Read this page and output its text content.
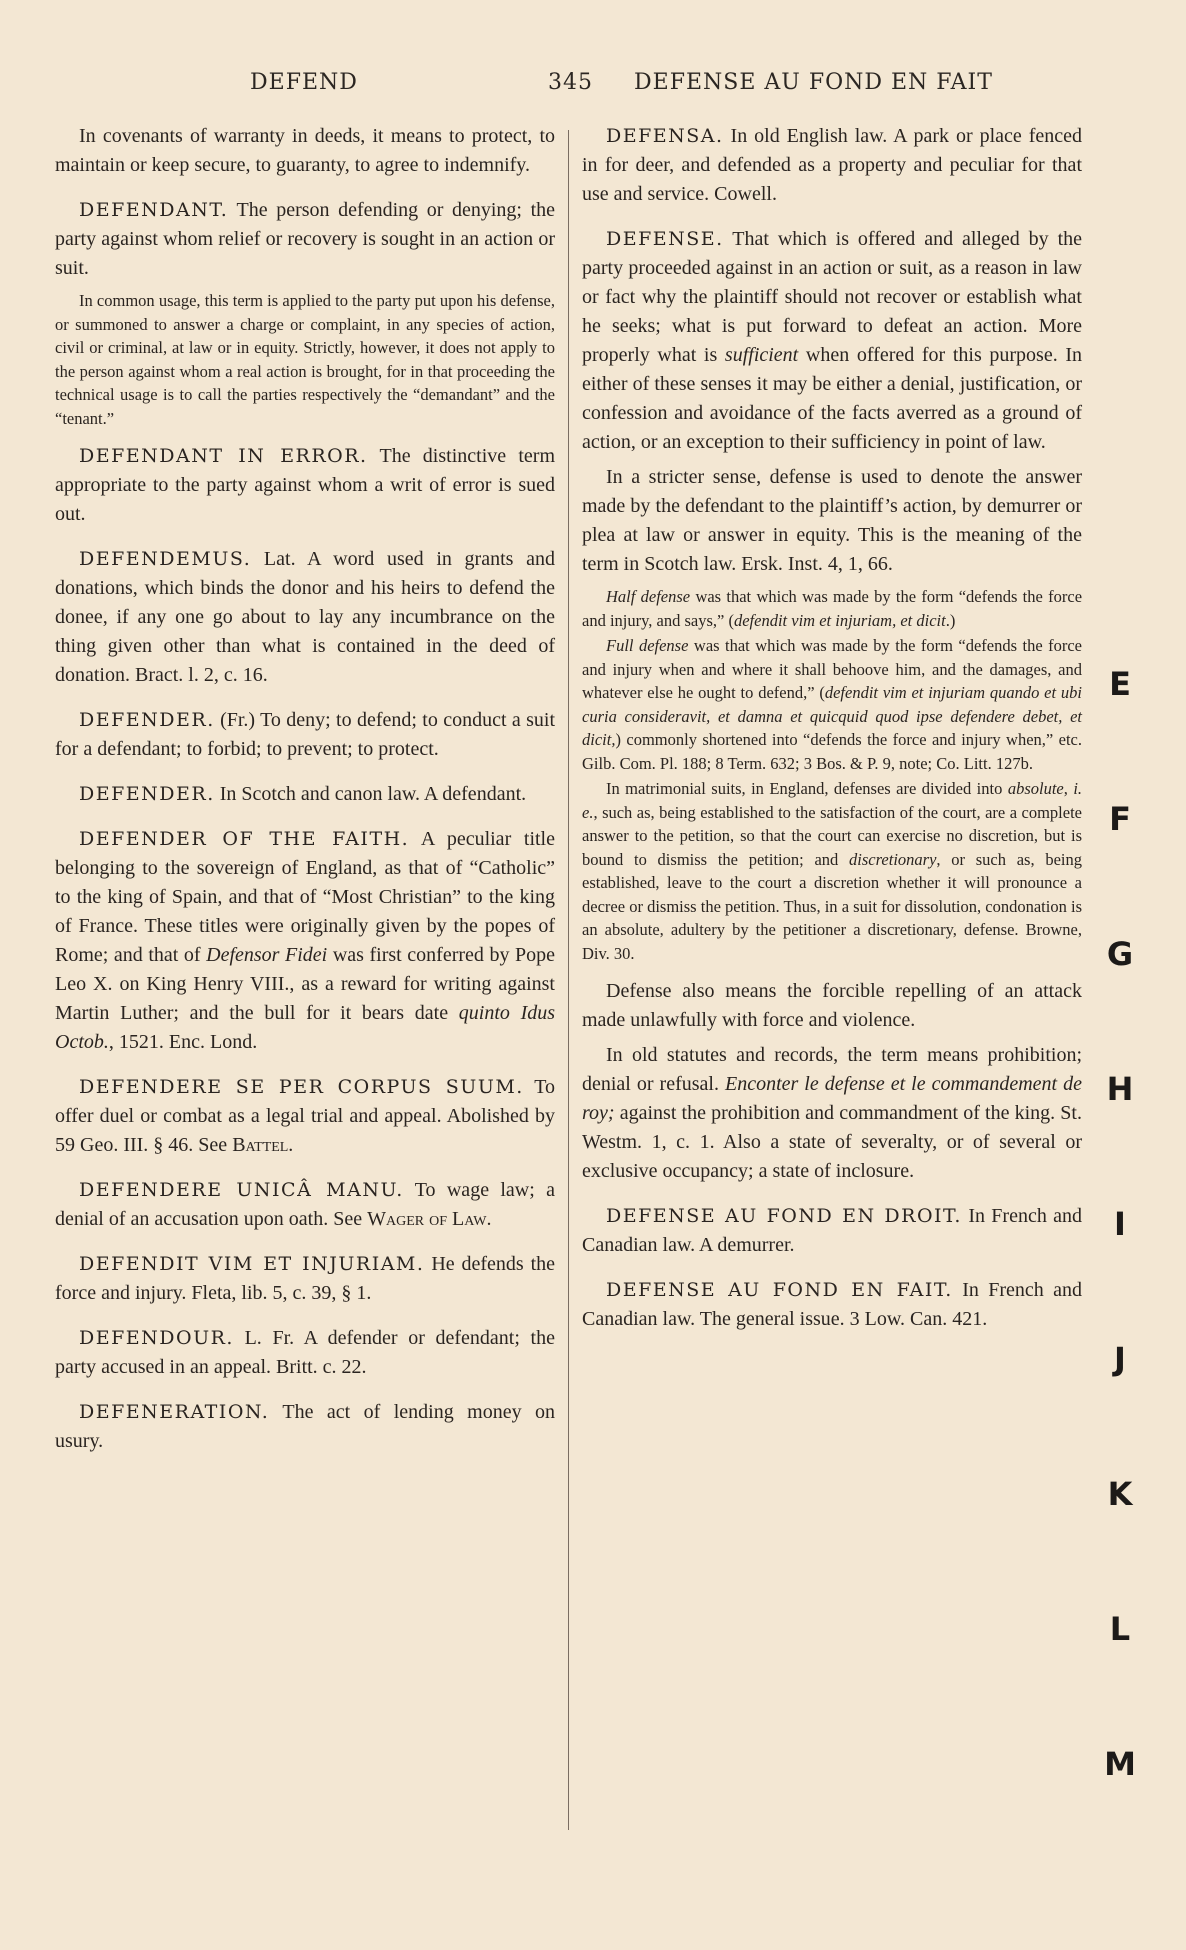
DEFEND	345 DEFENSE AU FOND EN FAIT

In covenants of warranty in deeds, it means to protect, to maintain or keep secure, to guaranty, to agree to indemnify.

DEFENDANT. The person defending or denying; the party against whom relief or recovery is sought in an action or suit.

In common usage, this term is applied to the party put upon his defense, or summoned to answer a charge or complaint, in any species of action, civil or criminal, at law or in equity. Strictly, however, it does not apply to the person against whom a real action is brought, for in that proceeding the technical usage is to call the parties respectively the “demandant” and the “tenant.”

DEFENDANT IN ERROR. The distinctive term appropriate to the party against whom a writ of error is sued out.

DEFENDEMUS. Lat. A word used in grants and donations, which binds the donor and his heirs to defend the donee, if any one go about to lay any incumbrance on the thing given other than what is contained in the deed of donation. Bract. l. 2, c. 16.

DEFENDER. (Fr.) To deny; to defend; to conduct a suit for a defendant; to forbid; to prevent; to protect.

DEFENDER. In Scotch and canon law. A defendant.

DEFENDER OF THE FAITH. A peculiar title belonging to the sovereign of England, as that of “Catholic” to the king of Spain, and that of “Most Christian” to the king of France. These titles were originally given by the popes of Rome; and that of Defensor Fidei was first conferred by Pope Leo X. on King Henry VIII., as a reward for writing against Martin Luther; and the bull for it bears date quinto Idus Octob., 1521. Enc. Lond.

DEFENDERE SE PER CORPUS SUUM. To offer duel or combat as a legal trial and appeal. Abolished by 59 Geo. III. § 46. See Battel.

DEFENDERE UNICÂ MANU. To wage law; a denial of an accusation upon oath. See Wager of Law.

DEFENDIT VIM ET INJURIAM. He defends the force and injury. Fleta, lib. 5, c. 39, § 1.

DEFENDOUR. L. Fr. A defender or defendant; the party accused in an appeal. Britt. c. 22.

DEFENERATION. The act of lending money on usury.

DEFENSA. In old English law. A park or place fenced in for deer, and defended as a property and peculiar for that use and service. Cowell.

DEFENSE. That which is offered and alleged by the party proceeded against in an action or suit, as a reason in law or fact why the plaintiff should not recover or establish what he seeks; what is put forward to defeat an action. More properly what is sufficient when offered for this purpose. In either of these senses it may be either a denial, justification, or confession and avoidance of the facts averred as a ground of action, or an exception to their sufficiency in point of law.

In a stricter sense, defense is used to denote the answer made by the defendant to the plaintiff’s action, by demurrer or plea at law or answer in equity. This is the meaning of the term in Scotch law. Ersk. Inst. 4, 1, 66.

Half defense was that which was made by the form “defends the force and injury, and says,” (defendit vim et injuriam, et dicit.)

Full defense was that which was made by the form “defends the force and injury when and where it shall behoove him, and the damages, and whatever else he ought to defend,” (defendit vim et injuriam quando et ubi curia consideravit, et damna et quicquid quod ipse defendere debet, et dicit,) commonly shortened into “defends the force and injury when,” etc. Gilb. Com. Pl. 188; 8 Term. 632; 3 Bos. & P. 9, note; Co. Litt. 127b.

In matrimonial suits, in England, defenses are divided into absolute, i. e., such as, being established to the satisfaction of the court, are a complete answer to the petition, so that the court can exercise no discretion, but is bound to dismiss the petition; and discretionary, or such as, being established, leave to the court a discretion whether it will pronounce a decree or dismiss the petition. Thus, in a suit for dissolution, condonation is an absolute, adultery by the petitioner a discretionary, defense. Browne, Div. 30.

Defense also means the forcible repelling of an attack made unlawfully with force and violence.

In old statutes and records, the term means prohibition; denial or refusal. Enconter le defense et le commandement de roy; against the prohibition and commandment of the king. St. Westm. 1, c. 1. Also a state of severalty, or of several or exclusive occupancy; a state of inclosure.

DEFENSE AU FOND EN DROIT. In French and Canadian law. A demurrer.

DEFENSE AU FOND EN FAIT. In French and Canadian law. The general issue. 3 Low. Can. 421.

E
F
G
H
I
J
K
L
M
